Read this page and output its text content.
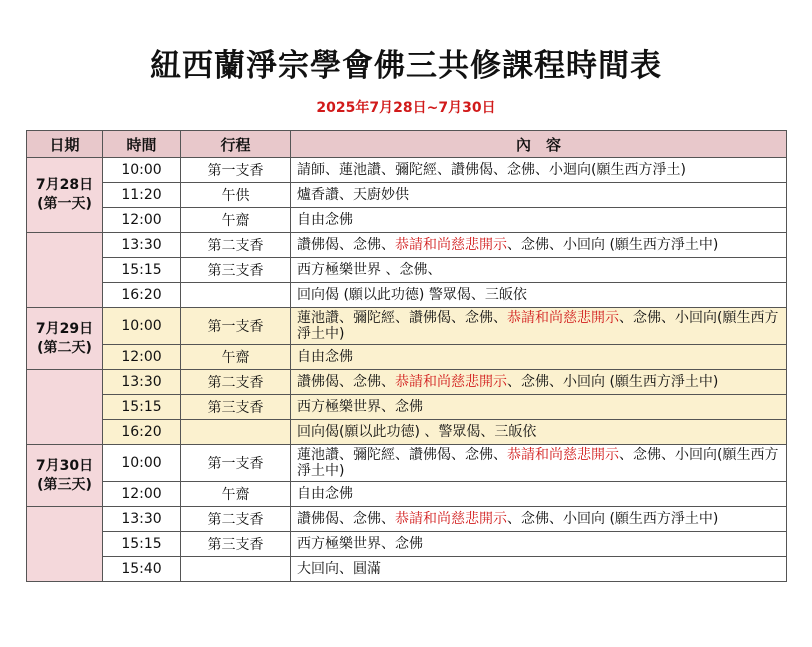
紐西蘭淨宗學會佛三共修課程時間表
2025年7月28日~7月30日
日期	時間	行程	內　容

7月28日
(第一天)	10:00	第一支香	請師、蓮池讚、彌陀經、讚佛偈、念佛、小迴向(願生西方淨土)
	11:20	午供	爐香讚、天廚妙供
	12:00	午齋	自由念佛
	13:30	第二支香	讚佛偈、念佛、恭請和尚慈悲開示、念佛、小回向 (願生西方淨土中)
	15:15	第三支香	西方極樂世界 、念佛、
	16:20		回向偈 (願以此功德) 警眾偈、三皈依

7月29日
(第二天)	10:00	第一支香	蓮池讚、彌陀經、讚佛偈、念佛、恭請和尚慈悲開示、念佛、小回向(願生西方淨土中)
	12:00	午齋	自由念佛
	13:30	第二支香	讚佛偈、念佛、恭請和尚慈悲開示、念佛、小回向 (願生西方淨土中)
	15:15	第三支香	西方極樂世界、念佛
	16:20		回向偈(願以此功德) 、警眾偈、三皈依

7月30日
(第三天)	10:00	第一支香	蓮池讚、彌陀經、讚佛偈、念佛、恭請和尚慈悲開示、念佛、小回向(願生西方淨土中)
	12:00	午齋	自由念佛
	13:30	第二支香	讚佛偈、念佛、恭請和尚慈悲開示、念佛、小回向 (願生西方淨土中)
	15:15	第三支香	西方極樂世界、念佛
	15:40		大回向、圓滿
